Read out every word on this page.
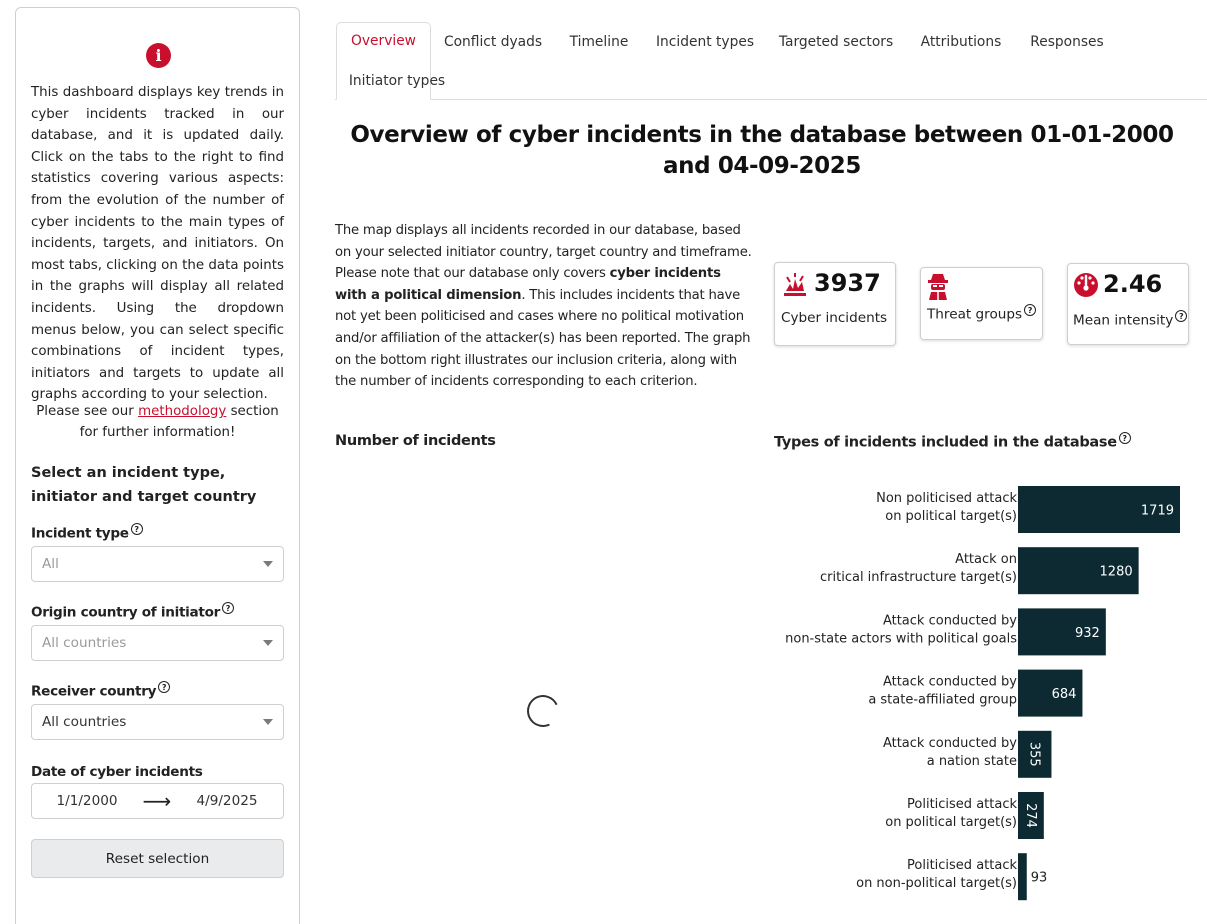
i

This dashboard displays key trends in cyber incidents tracked in our database, and it is updated daily. Click on the tabs to the right to find statistics covering various aspects: from the evolution of the number of cyber incidents to the main types of incidents, targets, and initiators. On most tabs, clicking on the data points in the graphs will display all related incidents. Using the dropdown menus below, you can select specific combinations of incident types, initiators and targets to update all graphs according to your selection.

Please see our methodology section for further information!

Select an incident type, initiator and target country
Incident type ?
All
Origin country of initiator ?
All countries
Receiver country ?
All countries
Date of cyber incidents
1/1/2000	⟶	4/9/2025
Reset selection
Overview Conflict dyads Timeline Incident types Targeted sectors Attributions Responses
Initiator types
Overview of cyber incidents in the database between 01-01-2000 and 04-09-2025

The map displays all incidents recorded in our database, based on your selected initiator country, target country and timeframe. Please note that our database only covers cyber incidents with a political dimension. This includes incidents that have not yet been politicised and cases where no political motivation and/or affiliation of the attacker(s) has been reported. The graph on the bottom right illustrates our inclusion criteria, along with the number of incidents corresponding to each criterion.

3937
Cyber incidents	Threat groups ?
2.46
Mean intensity ?
Number of incidents	Types of incidents included in the database ?
1719
Non politicised attack
on political target(s)
1280
Attack on
critical infrastructure target(s)
932
Attack conducted by
non-state actors with political goals
684
Attack conducted by
a state-affiliated group
355
Attack conducted by
a nation state
274
Politicised attack
on political target(s)
93
Politicised attack
on non-political target(s)
